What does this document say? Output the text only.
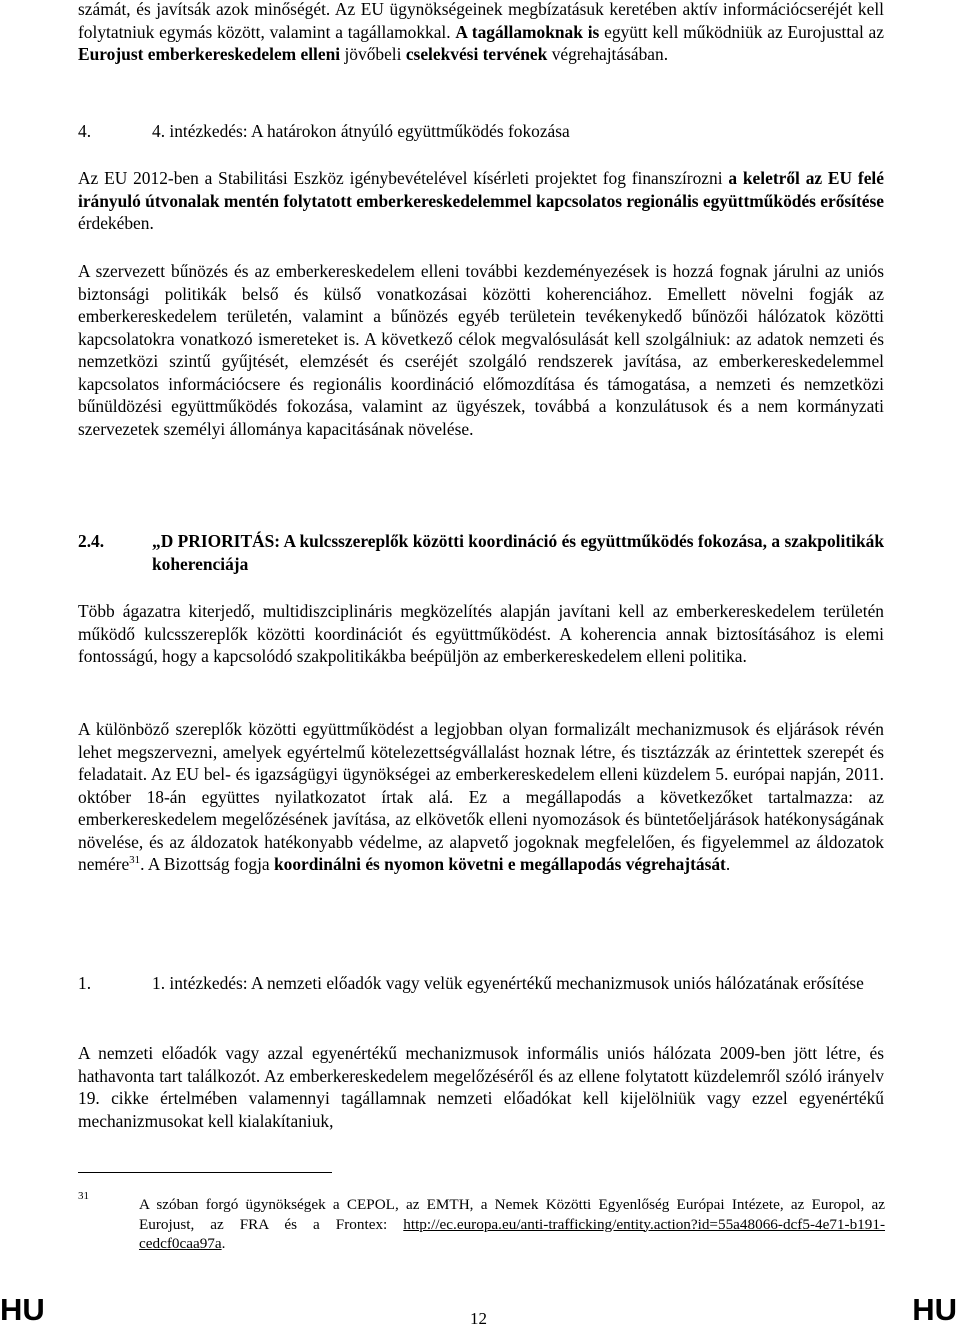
számát, és javítsák azok minőségét. Az EU ügynökségeinek megbízatásuk keretében aktív információcseréjét kell folytatniuk egymás között, valamint a tagállamokkal. A tagállamoknak is együtt kell működniük az Eurojusttal az Eurojust emberkereskedelem elleni jövőbeli cselekvési tervének végrehajtásában.
4.	4. intézkedés: A határokon átnyúló együttműködés fokozása
Az EU 2012-ben a Stabilitási Eszköz igénybevételével kísérleti projektet fog finanszírozni a keletről az EU felé irányuló útvonalak mentén folytatott emberkereskedelemmel kapcsolatos regionális együttműködés erősítése érdekében.
A szervezett bűnözés és az emberkereskedelem elleni további kezdeményezések is hozzá fognak járulni az uniós biztonsági politikák belső és külső vonatkozásai közötti koherenciához. Emellett növelni fogják az emberkereskedelem területén, valamint a bűnözés egyéb területein tevékenykedő bűnözői hálózatok közötti kapcsolatokra vonatkozó ismereteket is. A következő célok megvalósulását kell szolgálniuk: az adatok nemzeti és nemzetközi szintű gyűjtését, elemzését és cseréjét szolgáló rendszerek javítása, az emberkereskedelemmel kapcsolatos információcsere és regionális koordináció előmozdítása és támogatása, a nemzeti és nemzetközi bűnüldözési együttműködés fokozása, valamint az ügyészek, továbbá a konzulátusok és a nem kormányzati szervezetek személyi állománya kapacitásának növelése.
2.4.	„D PRIORITÁS: A kulcsszereplők közötti koordináció és együttműködés fokozása, a szakpolitikák koherenciája
Több ágazatra kiterjedő, multidiszciplináris megközelítés alapján javítani kell az emberkereskedelem területén működő kulcsszereplők közötti koordinációt és együttműködést. A koherencia annak biztosításához is elemi fontosságú, hogy a kapcsolódó szakpolitikákba beépüljön az emberkereskedelem elleni politika.
A különböző szereplők közötti együttműködést a legjobban olyan formalizált mechanizmusok és eljárások révén lehet megszervezni, amelyek egyértelmű kötelezettségvállalást hoznak létre, és tisztázzák az érintettek szerepét és feladatait. Az EU bel- és igazságügyi ügynökségei az emberkereskedelem elleni küzdelem 5. európai napján, 2011. október 18-án együttes nyilatkozatot írtak alá. Ez a megállapodás a következőket tartalmazza: az emberkereskedelem megelőzésének javítása, az elkövetők elleni nyomozások és büntetőeljárások hatékonyságának növelése, és az áldozatok hatékonyabb védelme, az alapvető jogoknak megfelelően, és figyelemmel az áldozatok nemére$^{31}$. A Bizottság fogja koordinálni és nyomon követni e megállapodás végrehajtását.
1.	1. intézkedés: A nemzeti előadók vagy velük egyenértékű mechanizmusok uniós hálózatának erősítése
A nemzeti előadók vagy azzal egyenértékű mechanizmusok informális uniós hálózata 2009-ben jött létre, és hathavonta tart találkozót. Az emberkereskedelem megelőzéséről és az ellene folytatott küzdelemről szóló irányelv 19. cikke értelmében valamennyi tagállamnak nemzeti előadókat kell kijelölniük vagy ezzel egyenértékű mechanizmusokat kell kialakítaniuk,
31	A szóban forgó ügynökségek a CEPOL, az EMTH, a Nemek Közötti Egyenlőség Európai Intézete, az Europol, az Eurojust, az FRA és a Frontex: http://ec.europa.eu/anti-trafficking/entity.action?id=55a48066-dcf5-4e71-b191-cedcf0caa97a.
HU	12	HU
